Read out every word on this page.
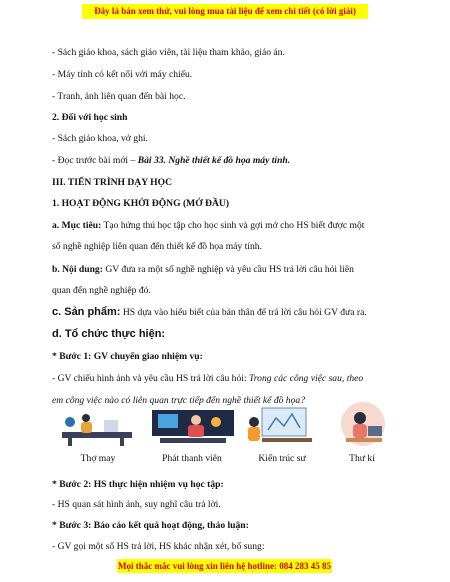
Đây là bản xem thử, vui lòng mua tài liệu để xem chi tiết (có lời giải)
- Sách giáo khoa, sách giáo viên, tài liệu tham khảo, giáo án.
- Máy tính có kết nối với máy chiếu.
- Tranh, ảnh liên quan đến bài học.
2. Đối với học sinh
- Sách giáo khoa, vở ghi.
- Đọc trước bài mới – Bài 33. Nghề thiết kế đồ họa máy tính.
III. TIẾN TRÌNH DẠY HỌC
1. HOẠT ĐỘNG KHỞI ĐỘNG (MỞ ĐẦU)
a. Mục tiêu: Tạo hứng thú học tập cho học sinh và gợi mở cho HS biết được một
số nghề nghiệp liên quan đến thiết kế đồ họa máy tính.
b. Nội dung: GV đưa ra một số nghề nghiệp và yêu cầu HS trả lời câu hỏi liên
quan đến nghề nghiệp đó.
c. Sản phẩm: HS dựa vào hiểu biết của bản thân để trả lời câu hỏi GV đưa ra.
d. Tổ chức thực hiện:
* Bước 1: GV chuyển giao nhiệm vụ:
- GV chiếu hình ảnh và yêu cầu HS trả lời câu hỏi: Trong các công việc sau, theo
em công việc nào có liên quan trực tiếp đến nghề thiết kế đồ họa?
Thợ may	Phát thanh viên	Kiến trúc sư	Thư kí
* Bước 2: HS thực hiện nhiệm vụ học tập:
- HS quan sát hình ảnh, suy nghĩ câu trả lời.
* Bước 3: Báo cáo kết quả hoạt động, thảo luận:
- GV gọi một số HS trả lời, HS khác nhận xét, bổ sung:
Mọi thắc mắc vui lòng xin liên hệ hotline: 084 283 45 85
